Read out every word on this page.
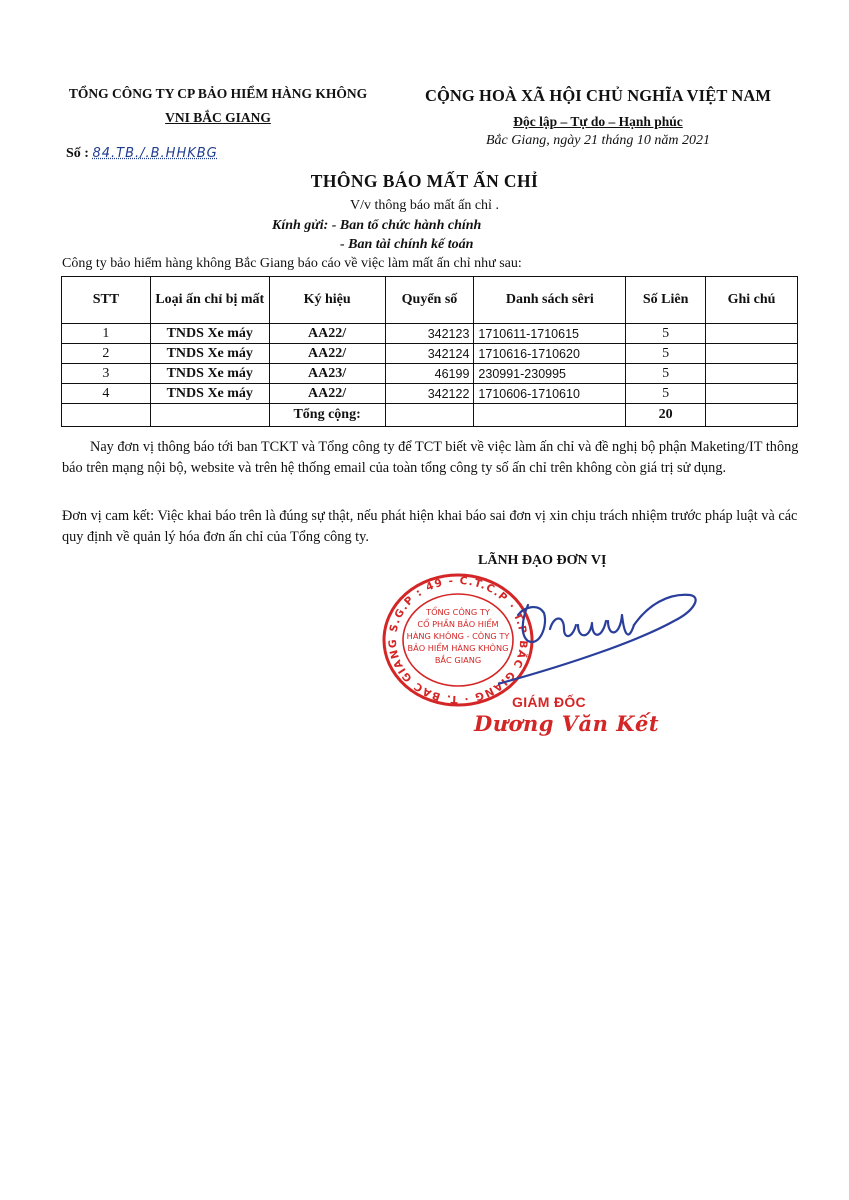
TỔNG CÔNG TY CP BẢO HIỂM HÀNG KHÔNG
VNI BẮC GIANG
CỘNG HOÀ XÃ HỘI CHỦ NGHĨA VIỆT NAM
Độc lập – Tự do – Hạnh phúc
Bắc Giang, ngày 21 tháng 10 năm 2021
Số : 84.TB./.B.HHKBG
THÔNG BÁO MẤT ẤN CHỈ
V/v thông báo mất ấn chỉ .
Kính gửi: - Ban tổ chức hành chính
- Ban tài chính kế toán
Công ty bảo hiểm hàng không Bắc Giang báo cáo về việc làm mất ấn chỉ như sau:
STT	Loại ấn chỉ bị mất	Ký hiệu	Quyển số	Danh sách sêri	Số Liên	Ghi chú
1	TNDS Xe máy	AA22/	342123	1710611-1710615	5	
2	TNDS Xe máy	AA22/	342124	1710616-1710620	5	
3	TNDS Xe máy	AA23/	46199	230991-230995	5	
4	TNDS Xe máy	AA22/	342122	1710606-1710610	5	
		Tổng cộng:			20	
Nay đơn vị thông báo tới ban TCKT và Tổng công ty để TCT biết về việc làm ấn chỉ và đề nghị bộ phận Maketing/IT thông báo trên mạng nội bộ, website và trên hệ thống email của toàn tổng công ty số ấn chỉ trên không còn giá trị sử dụng.
Đơn vị cam kết: Việc khai báo trên là đúng sự thật, nếu phát hiện khai báo sai đơn vị xin chịu trách nhiệm trước pháp luật và các quy định về quản lý hóa đơn ấn chỉ của Tổng công ty.
LÃNH ĐẠO ĐƠN VỊ
S.G.P : 49 - C.T.C.P · T.P BẮC GIANG · T. BẮC GIANG
TỔNG CÔNG TY
CỔ PHẦN BẢO HIỂM
HÀNG KHÔNG - CÔNG TY
BẢO HIỂM HÀNG KHÔNG
BẮC GIANG
GIÁM ĐỐC
Dương Văn Kết
